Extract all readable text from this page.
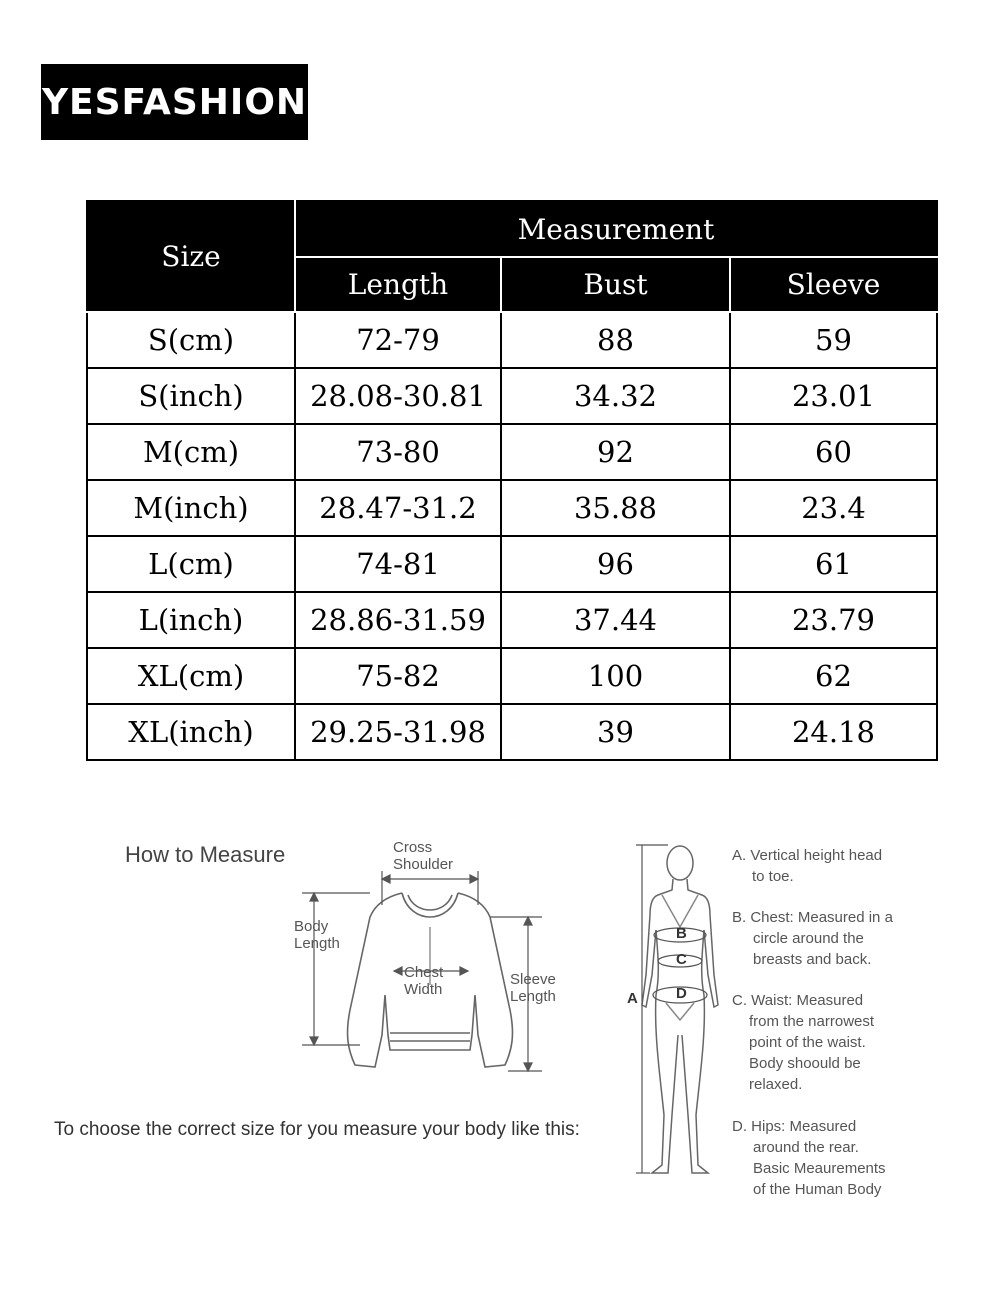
YESFASHION
Size	Measurement		
	Length	Bust	Sleeve
S(cm)	72-79	88	59
S(inch)	28.08-30.81	34.32	23.01
M(cm)	73-80	92	60
M(inch)	28.47-31.2	35.88	23.4
L(cm)	74-81	96	61
L(inch)	28.86-31.59	37.44	23.79
XL(cm)	75-82	100	62
XL(inch)	29.25-31.98	39	24.18
How to Measure	Cross
Shoulder
Body
Length
Chest
Width
Sleeve
Length
To choose the correct size for you measure your body like this:
A
B
C
D
A. Vertical height head
to toe.
B. Chest: Measured in a
circle around the
breasts and back.
C. Waist: Measured
from the narrowest
point of the waist.
Body shoould be
relaxed.
D. Hips: Measured
around the rear.
Basic Meaurements
of the Human Body
